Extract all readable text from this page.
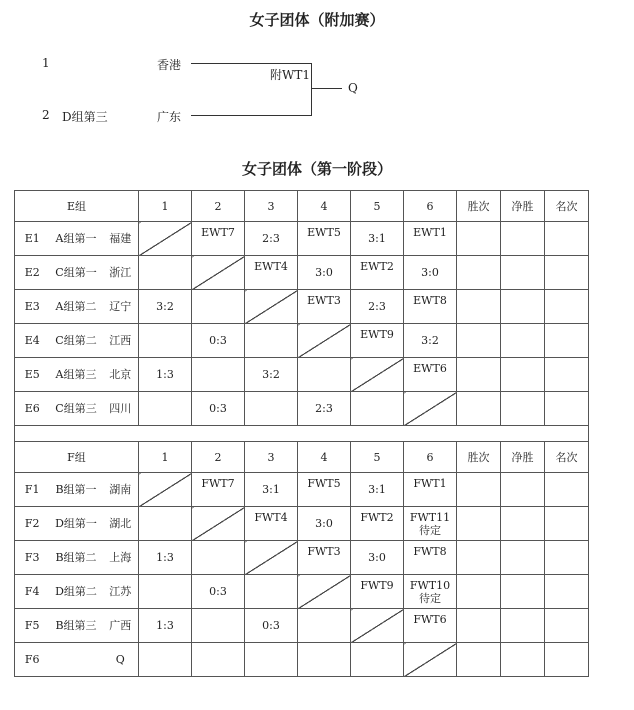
女子团体（附加赛）
1	香港
2 D组第三	广东
附WT1
Q
女子团体（第一阶段）
E组			1	2	3	4	5	6	胜次	净胜	名次
E1	A组第一	福建		EWT7	2:3	EWT5	3:1	EWT1			
E2	C组第一	浙江			EWT4	3:0	EWT2	3:0			
E3	A组第二	辽宁	3:2			EWT3	2:3	EWT8			
E4	C组第二	江西		0:3			EWT9	3:2			
E5	A组第三	北京	1:3		3:2			EWT6			
E6	C组第三	四川		0:3		2:3					

F组			1	2	3	4	5	6	胜次	净胜	名次
F1	B组第一	湖南		FWT7	3:1	FWT5	3:1	FWT1			
F2	D组第一	湖北			FWT4	3:0	FWT2	FWT11
待定			
F3	B组第二	上海	1:3			FWT3	3:0	FWT8			
F4	D组第二	江苏		0:3			FWT9	FWT10
待定			
F5	B组第三	广西	1:3		0:3			FWT6			
F6		Q									
